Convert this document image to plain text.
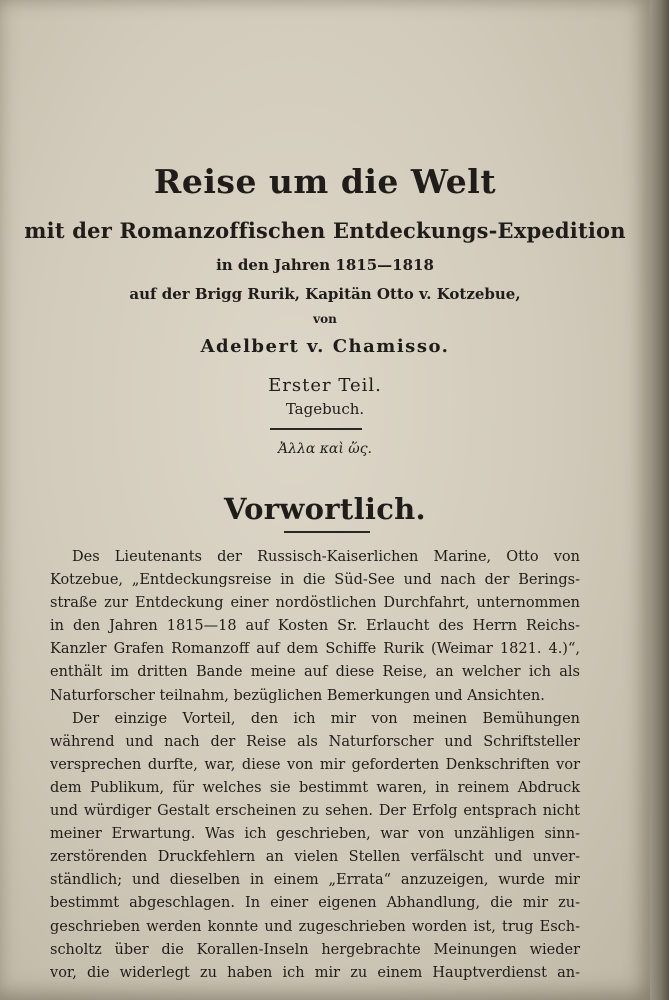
Reise um die Welt
mit der Romanzoffischen Entdeckungs-Expedition
in den Jahren 1815—1818
auf der Brigg Rurik, Kapitän Otto v. Kotzebue,
von
Adelbert v. Chamisso.
Erster Teil.
Tagebuch.
Ἀλλα καὶ ὥς.
Vorwortlich.
Des Lieutenants der Russisch-Kaiserlichen Marine, Otto von
Kotzebue, „Entdeckungsreise in die Süd-See und nach der Berings-
straße zur Entdeckung einer nordöstlichen Durchfahrt, unternommen
in den Jahren 1815—18 auf Kosten Sr. Erlaucht des Herrn Reichs-
Kanzler Grafen Romanzoff auf dem Schiffe Rurik (Weimar 1821. 4.)“,
enthält im dritten Bande meine auf diese Reise, an welcher ich als
Naturforscher teilnahm, bezüglichen Bemerkungen und Ansichten.
Der einzige Vorteil, den ich mir von meinen Bemühungen
während und nach der Reise als Naturforscher und Schriftsteller
versprechen durfte, war, diese von mir geforderten Denkschriften vor
dem Publikum, für welches sie bestimmt waren, in reinem Abdruck
und würdiger Gestalt erscheinen zu sehen. Der Erfolg entsprach nicht
meiner Erwartung. Was ich geschrieben, war von unzähligen sinn-
zerstörenden Druckfehlern an vielen Stellen verfälscht und unver-
ständlich; und dieselben in einem „Errata“ anzuzeigen, wurde mir
bestimmt abgeschlagen. In einer eigenen Abhandlung, die mir zu-
geschrieben werden konnte und zugeschrieben worden ist, trug Esch-
scholtz über die Korallen-Inseln hergebrachte Meinungen wieder
vor, die widerlegt zu haben ich mir zu einem Hauptverdienst an-
